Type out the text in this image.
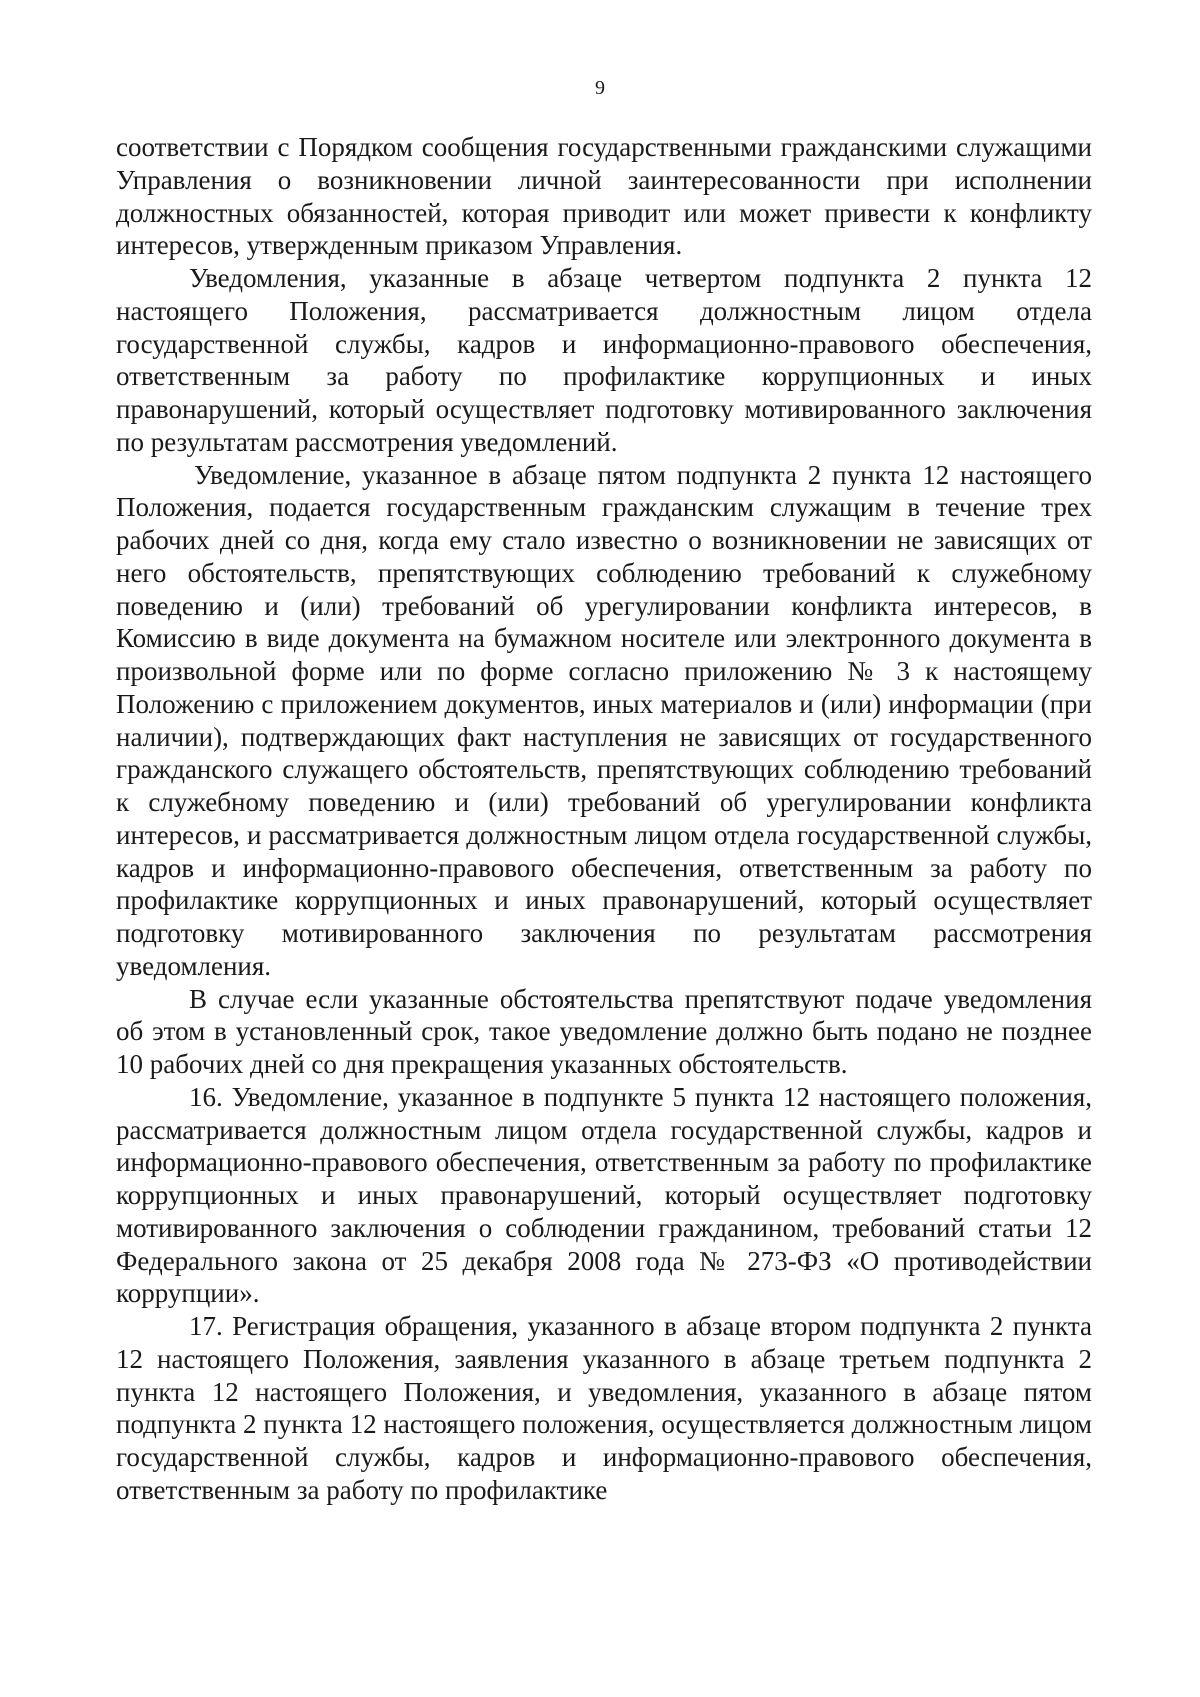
9

соответствии с Порядком сообщения государственными гражданскими служащими Управления о возникновении личной заинтересованности при исполнении должностных обязанностей, которая приводит или может привести к конфликту интересов, утвержденным приказом Управления.

Уведомления, указанные в абзаце четвертом подпункта 2 пункта 12 настоящего Положения, рассматривается должностным лицом отдела государственной службы, кадров и информационно-правового обеспечения, ответственным за работу по профилактике коррупционных и иных правонарушений, который осуществляет подготовку мотивированного заключения по результатам рассмотрения уведомлений.

Уведомление, указанное в абзаце пятом подпункта 2 пункта 12 настоящего Положения, подается государственным гражданским служащим в течение трех рабочих дней со дня, когда ему стало известно о возникновении не зависящих от него обстоятельств, препятствующих соблюдению требований к служебному поведению и (или) требований об урегулировании конфликта интересов, в Комиссию в виде документа на бумажном носителе или электронного документа в произвольной форме или по форме согласно приложению № 3 к настоящему Положению с приложением документов, иных материалов и (или) информации (при наличии), подтверждающих факт наступления не зависящих от государственного гражданского служащего обстоятельств, препятствующих соблюдению требований к служебному поведению и (или) требований об урегулировании конфликта интересов, и рассматривается должностным лицом отдела государственной службы, кадров и информационно-правового обеспечения, ответственным за работу по профилактике коррупционных и иных правонарушений, который осуществляет подготовку мотивированного заключения по результатам рассмотрения уведомления.

В случае если указанные обстоятельства препятствуют подаче уведомления об этом в установленный срок, такое уведомление должно быть подано не позднее 10 рабочих дней со дня прекращения указанных обстоятельств.

16. Уведомление, указанное в подпункте 5 пункта 12 настоящего положения, рассматривается должностным лицом отдела государственной службы, кадров и информационно-правового обеспечения, ответственным за работу по профилактике коррупционных и иных правонарушений, который осуществляет подготовку мотивированного заключения о соблюдении гражданином, требований статьи 12 Федерального закона от 25 декабря 2008 года № 273-ФЗ «О противодействии коррупции».

17. Регистрация обращения, указанного в абзаце втором подпункта 2 пункта 12 настоящего Положения, заявления указанного в абзаце третьем подпункта 2 пункта 12 настоящего Положения, и уведомления, указанного в абзаце пятом подпункта 2 пункта 12 настоящего положения, осуществляется должностным лицом государственной службы, кадров и информационно-правового обеспечения, ответственным за работу по профилактике
